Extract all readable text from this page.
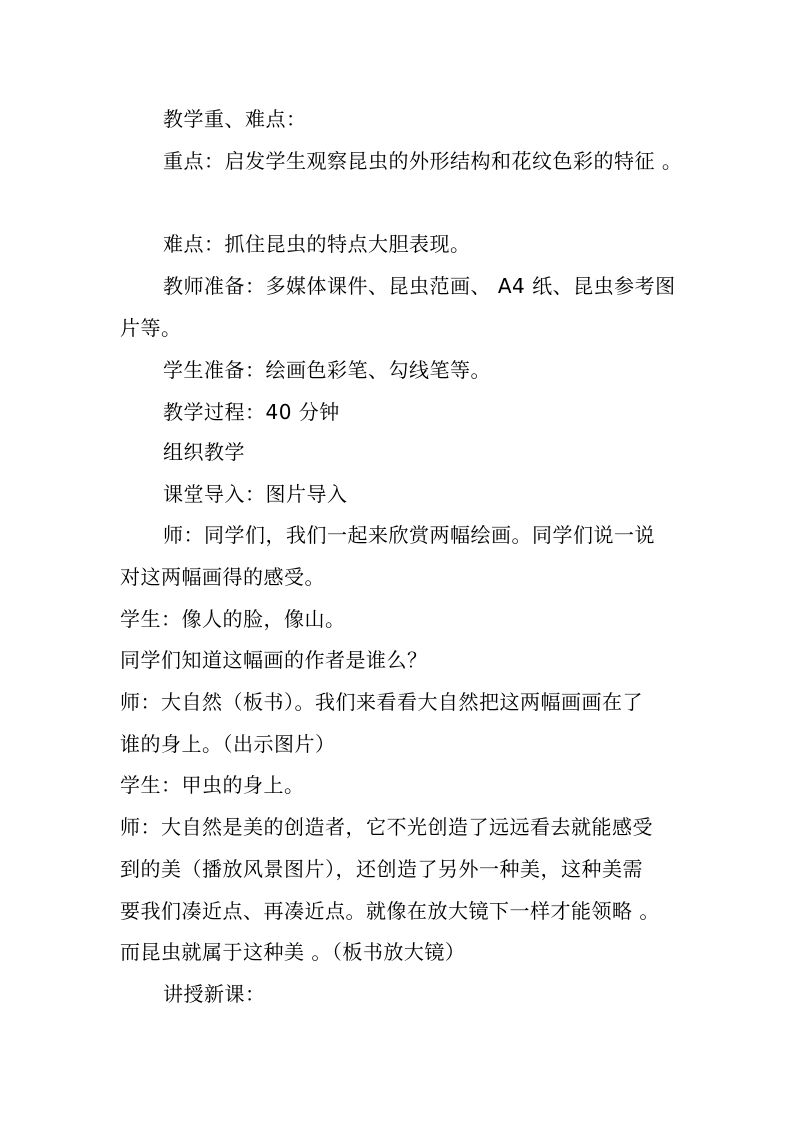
教学重、难点：
重点：启发学生观察昆虫的外形结构和花纹色彩的特征 。
难点：抓住昆虫的特点大胆表现。
教师准备：多媒体课件、昆虫范画、 A4 纸、昆虫参考图
片等。
学生准备：绘画色彩笔、勾线笔等。
教学过程：40 分钟
组织教学
课堂导入：图片导入
师：同学们，我们一起来欣赏两幅绘画。同学们说一说
对这两幅画得的感受。
学生：像人的脸，像山。
同学们知道这幅画的作者是谁么？
师：大自然（板书）。我们来看看大自然把这两幅画画在了
谁的身上。（出示图片）
学生：甲虫的身上。
师：大自然是美的创造者，它不光创造了远远看去就能感受
到的美（播放风景图片），还创造了另外一种美，这种美需
要我们凑近点、再凑近点。就像在放大镜下一样才能领略 。
而昆虫就属于这种美 。（板书放大镜）
讲授新课：
